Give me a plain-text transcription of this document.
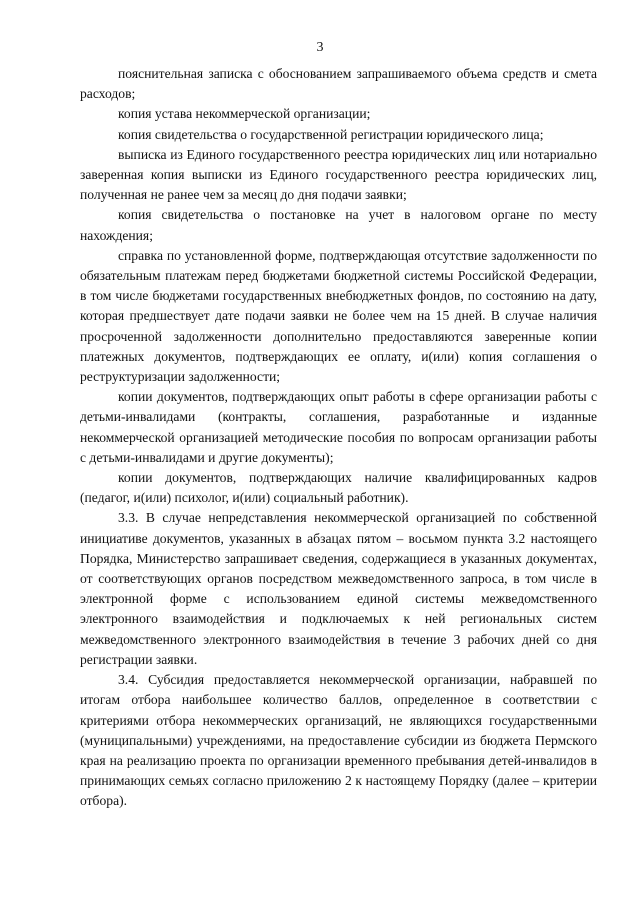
3

пояснительная записка с обоснованием запрашиваемого объема средств и смета расходов;

копия устава некоммерческой организации;

копия свидетельства о государственной регистрации юридического лица;

выписка из Единого государственного реестра юридических лиц или нотариально заверенная копия выписки из Единого государственного реестра юридических лиц, полученная не ранее чем за месяц до дня подачи заявки;

копия свидетельства о постановке на учет в налоговом органе по месту нахождения;

справка по установленной форме, подтверждающая отсутствие задолженности по обязательным платежам перед бюджетами бюджетной системы Российской Федерации, в том числе бюджетами государственных внебюджетных фондов, по состоянию на дату, которая предшествует дате подачи заявки не более чем на 15 дней. В случае наличия просроченной задолженности дополнительно предоставляются заверенные копии платежных документов, подтверждающих ее оплату, и(или) копия соглашения о реструктуризации задолженности;

копии документов, подтверждающих опыт работы в сфере организации работы с детьми-инвалидами (контракты, соглашения, разработанные и изданные некоммерческой организацией методические пособия по вопросам организации работы с детьми-инвалидами и другие документы);

копии документов, подтверждающих наличие квалифицированных кадров (педагог, и(или) психолог, и(или) социальный работник).

3.3. В случае непредставления некоммерческой организацией по собственной инициативе документов, указанных в абзацах пятом – восьмом пункта 3.2 настоящего Порядка, Министерство запрашивает сведения, содержащиеся в указанных документах, от соответствующих органов посредством межведомственного запроса, в том числе в электронной форме с использованием единой системы межведомственного электронного взаимодействия и подключаемых к ней региональных систем межведомственного электронного взаимодействия в течение 3 рабочих дней со дня регистрации заявки.

3.4. Субсидия предоставляется некоммерческой организации, набравшей по итогам отбора наибольшее количество баллов, определенное в соответствии с критериями отбора некоммерческих организаций, не являющихся государственными (муниципальными) учреждениями, на предоставление субсидии из бюджета Пермского края на реализацию проекта по организации временного пребывания детей-инвалидов в принимающих семьях согласно приложению 2 к настоящему Порядку (далее – критерии отбора).
